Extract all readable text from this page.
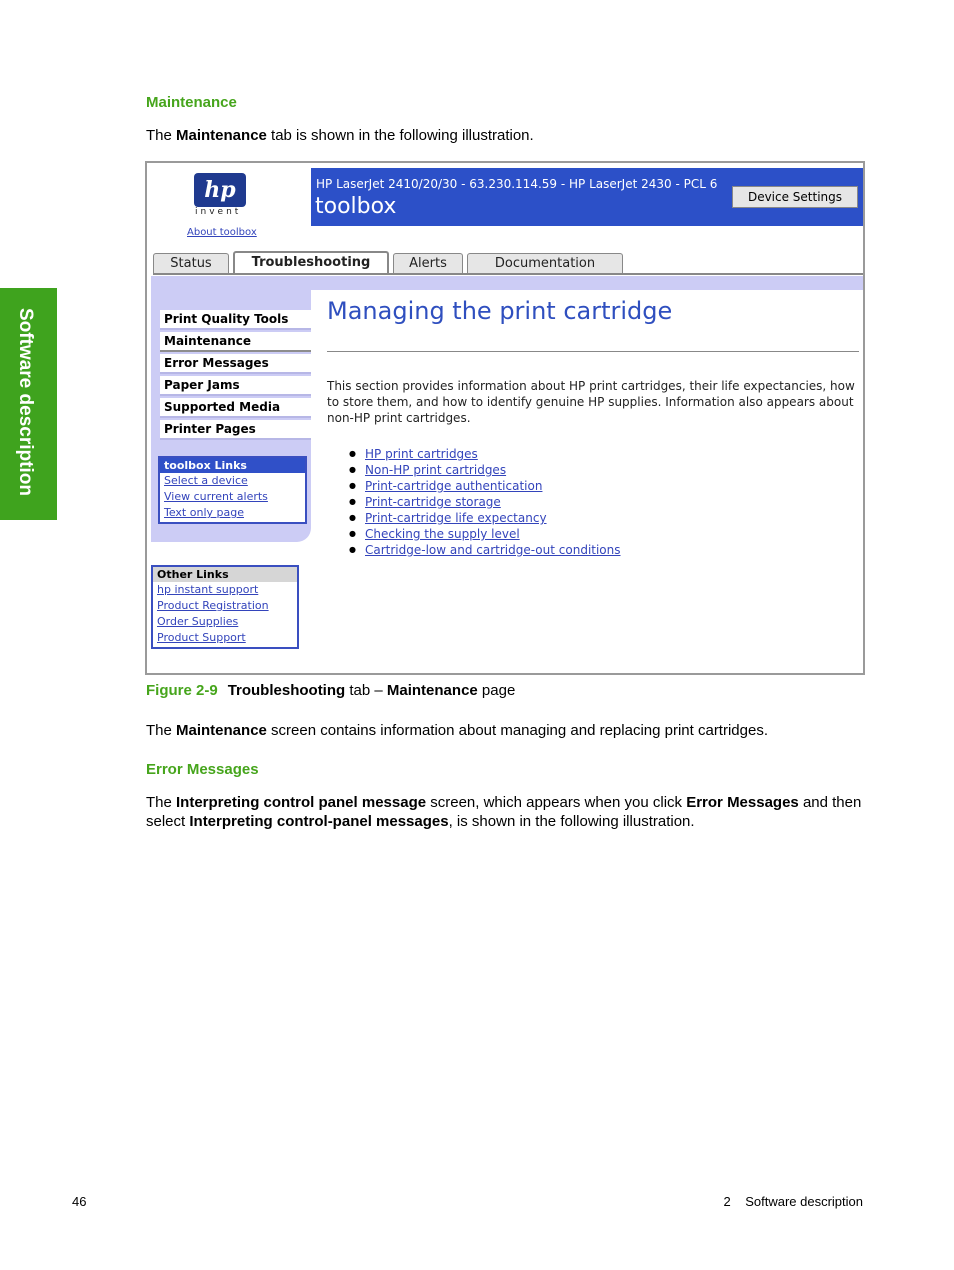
Software description
Maintenance
The Maintenance tab is shown in the following illustration.
hp
invent
About toolbox
HP LaserJet 2410/20/30 - 63.230.114.59 - HP LaserJet 2430 - PCL 6
toolbox	Device Settings
Status	Troubleshooting	Alerts	Documentation
Print Quality Tools
Maintenance
Error Messages
Paper Jams
Supported Media
Printer Pages
toolbox Links
Select a device
View current alerts
Text only page
Other Links
hp instant support
Product Registration
Order Supplies
Product Support
Managing the print cartridge
This section provides information about HP print cartridges, their life expectancies, how to store them, and how to identify genuine HP supplies. Information also appears about non-HP print cartridges.
● HP print cartridges
● Non-HP print cartridges
● Print-cartridge authentication
● Print-cartridge storage
● Print-cartridge life expectancy
● Checking the supply level
● Cartridge-low and cartridge-out conditions
Figure 2-9 Troubleshooting tab – Maintenance page
The Maintenance screen contains information about managing and replacing print cartridges.
Error Messages
The Interpreting control panel message screen, which appears when you click Error Messages and then select Interpreting control-panel messages, is shown in the following illustration.
46	2    Software description
